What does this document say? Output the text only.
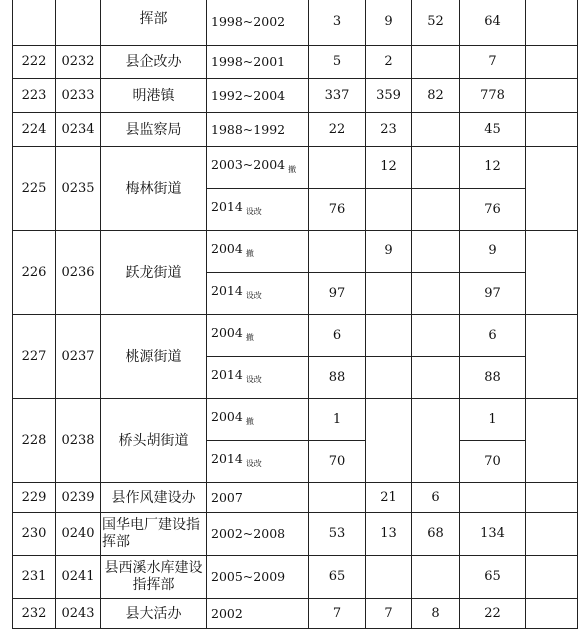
		挥部	1998~2002	3	9	52	64	
222	0232	县企改办	1998~2001	5	2		7	
223	0233	明港镇	1992~2004	337	359	82	778	
224	0234	县监察局	1988~1992	22	23		45	
225	0235	梅林街道	2003~2004 $_撤$		12		12	
			2014 $_{设改}$	76			76	
226	0236	跃龙街道	2004 $_撤$		9		9	
			2014 $_{设改}$	97			97	
227	0237	桃源街道	2004 $_撤$	6			6	
			2014 $_{设改}$	88			88	
228	0238	桥头胡街道	2004 $_撤$	1			1	
			2014 $_{设改}$	70			70	
229	0239	县作风建设办	2007		21	6		
230	0240	国华电厂建设指挥部	2002~2008	53	13	68	134	
231	0241	县西溪水库建设指挥部	2005~2009	65			65	
232	0243	县大活办	2002	7	7	8	22	
